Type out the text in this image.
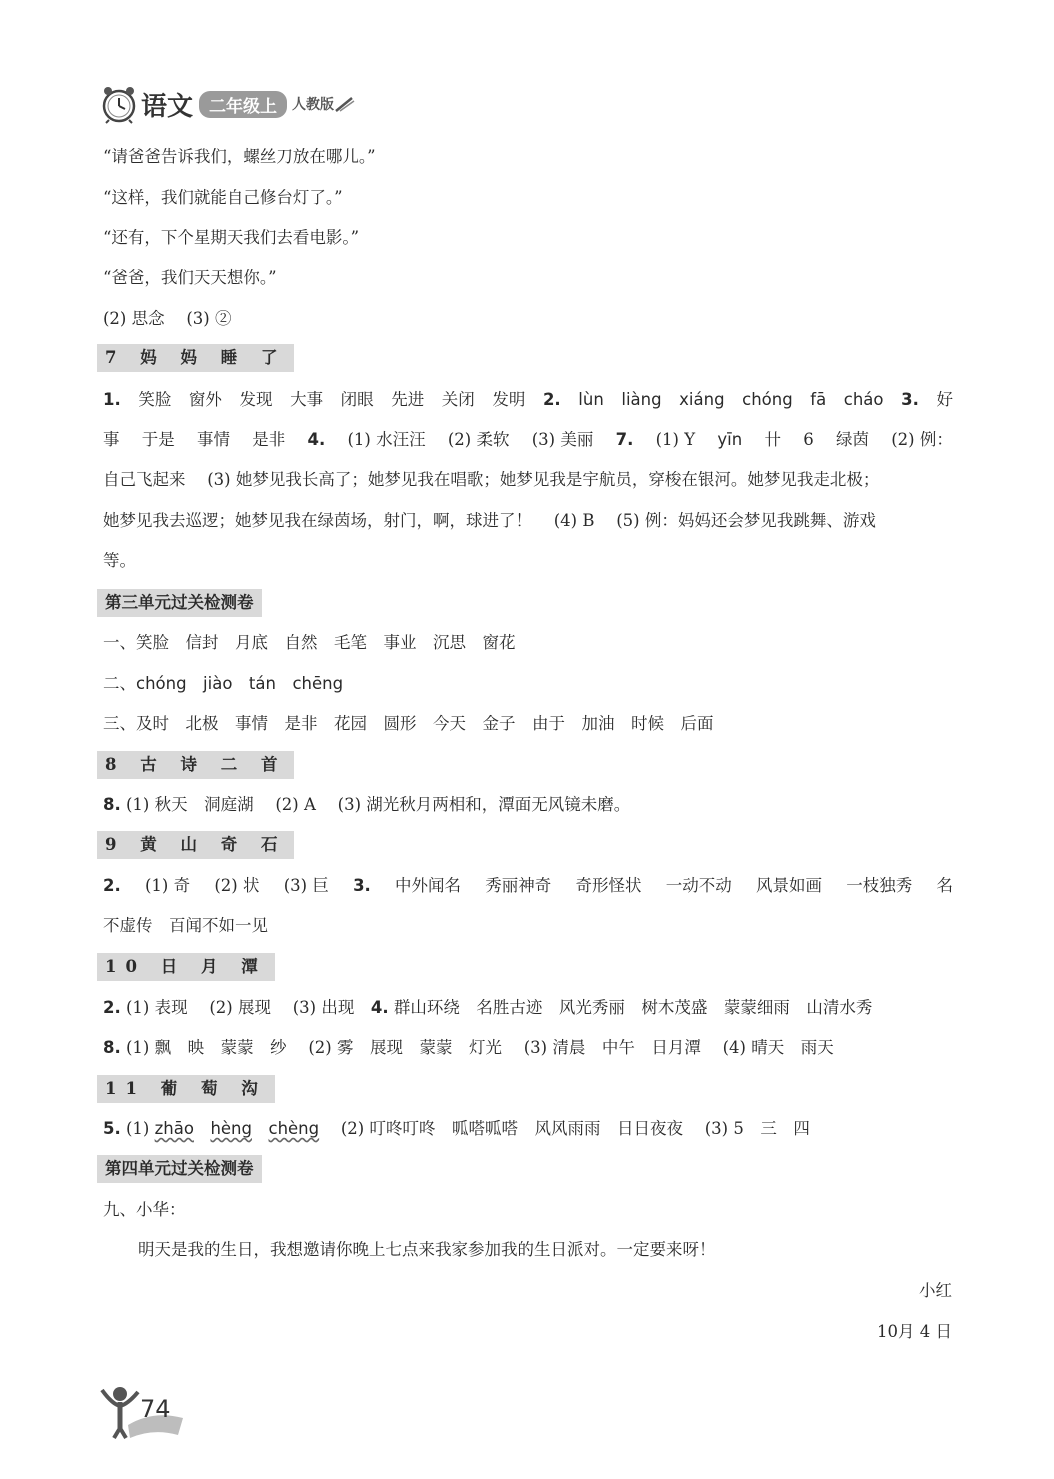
语文 二年级上	人教版
“请爸爸告诉我们，螺丝刀放在哪儿。”
“这样，我们就能自己修台灯了。”
“还有，下个星期天我们去看电影。”
“爸爸，我们天天想你。”
(2) 思念　 (3) ②
7 妈 妈 睡 了
1. 笑脸 窗外 发现 大事 闭眼 先进 关闭 发明 2. lùn liàng xiáng chóng fā cháo 3. 好
事 于是 事情 是非 4. (1) 水汪汪 (2) 柔软 (3) 美丽 7. (1) Y yīn 卄 6 绿茵 (2) 例：
自己飞起来　 (3) 她梦见我长高了；她梦见我在唱歌；她梦见我是宇航员，穿梭在银河。她梦见我走北极；
她梦见我去巡逻；她梦见我在绿茵场，射门，啊，球进了！　 (4) B　 (5) 例：妈妈还会梦见我跳舞、游戏
等。
第三单元过关检测卷
一、笑脸　信封　月底　自然　毛笔　事业　沉思　窗花
二、chóng　jiào　tán　chēng
三、及时　北极　事情　是非　花园　圆形　今天　金子　由于　加油　时候　后面
8 古 诗 二 首
8. (1) 秋天　洞庭湖　 (2) A　 (3) 湖光秋月两相和，潭面无风镜未磨。
9 黄 山 奇 石
2. (1) 奇 (2) 状 (3) 巨 3. 中外闻名 秀丽神奇 奇形怪状 一动不动 风景如画 一枝独秀 名
不虚传　百闻不如一见
10 日 月 潭
2. (1) 表现　 (2) 展现　 (3) 出现　4. 群山环绕　名胜古迹　风光秀丽　树木茂盛　蒙蒙细雨　山清水秀
8. (1) 飘　映　蒙蒙　纱　 (2) 雾　展现　蒙蒙　灯光　 (3) 清晨　中午　日月潭　 (4) 晴天　雨天
11 葡 萄 沟
5. (1) zhāo　 hèng　 chèng　 (2) 叮咚叮咚　呱嗒呱嗒　风风雨雨　日日夜夜　 (3) 5　三　四
第四单元过关检测卷
九、小华：
明天是我的生日，我想邀请你晚上七点来我家参加我的生日派对。一定要来呀！
小红
10月 4 日
74
